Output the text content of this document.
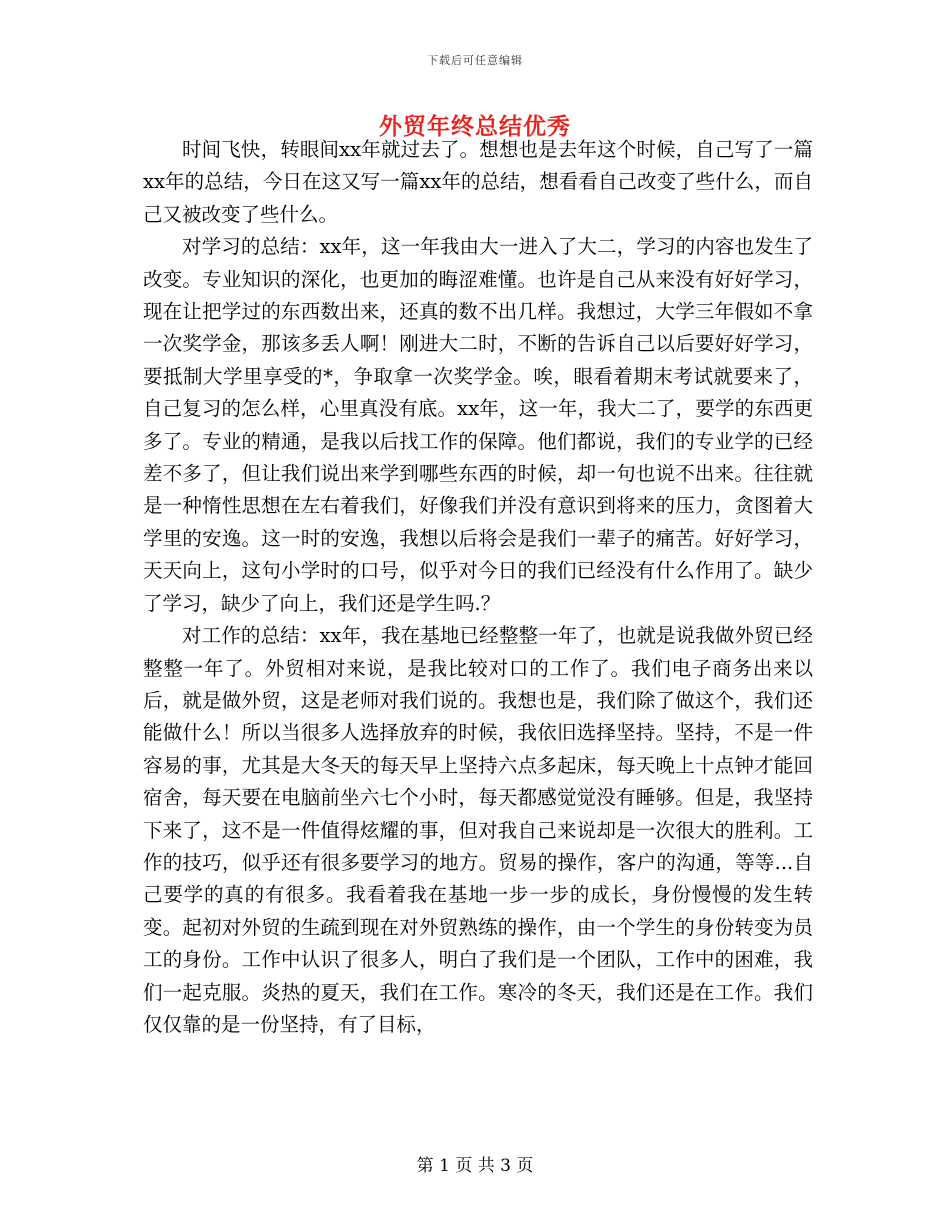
下载后可任意编辑
外贸年终总结优秀

时间飞快，转眼间xx年就过去了。想想也是去年这个时候，自己写了一篇xx年的总结，今日在这又写一篇xx年的总结，想看看自己改变了些什么，而自己又被改变了些什么。

对学习的总结：xx年，这一年我由大一进入了大二，学习的内容也发生了改变。专业知识的深化，也更加的晦涩难懂。也许是自己从来没有好好学习，现在让把学过的东西数出来，还真的数不出几样。我想过，大学三年假如不拿一次奖学金，那该多丢人啊！刚进大二时，不断的告诉自己以后要好好学习，要抵制大学里享受的*，争取拿一次奖学金。唉，眼看着期末考试就要来了，自己复习的怎么样，心里真没有底。xx年，这一年，我大二了，要学的东西更多了。专业的精通，是我以后找工作的保障。他们都说，我们的专业学的已经差不多了，但让我们说出来学到哪些东西的时候，却一句也说不出来。往往就是一种惰性思想在左右着我们，好像我们并没有意识到将来的压力，贪图着大学里的安逸。这一时的安逸，我想以后将会是我们一辈子的痛苦。好好学习，天天向上，这句小学时的口号，似乎对今日的我们已经没有什么作用了。缺少了学习，缺少了向上，我们还是学生吗.？

对工作的总结：xx年，我在基地已经整整一年了，也就是说我做外贸已经整整一年了。外贸相对来说，是我比较对口的工作了。我们电子商务出来以后，就是做外贸，这是老师对我们说的。我想也是，我们除了做这个，我们还能做什么！所以当很多人选择放弃的时候，我依旧选择坚持。坚持，不是一件容易的事，尤其是大冬天的每天早上坚持六点多起床，每天晚上十点钟才能回宿舍，每天要在电脑前坐六七个小时，每天都感觉觉没有睡够。但是，我坚持下来了，这不是一件值得炫耀的事，但对我自己来说却是一次很大的胜利。工作的技巧，似乎还有很多要学习的地方。贸易的操作，客户的沟通，等等...自己要学的真的有很多。我看着我在基地一步一步的成长，身份慢慢的发生转变。起初对外贸的生疏到现在对外贸熟练的操作，由一个学生的身份转变为员工的身份。工作中认识了很多人，明白了我们是一个团队，工作中的困难，我们一起克服。炎热的夏天，我们在工作。寒冷的冬天，我们还是在工作。我们仅仅靠的是一份坚持，有了目标，

第 1 页 共 3 页
